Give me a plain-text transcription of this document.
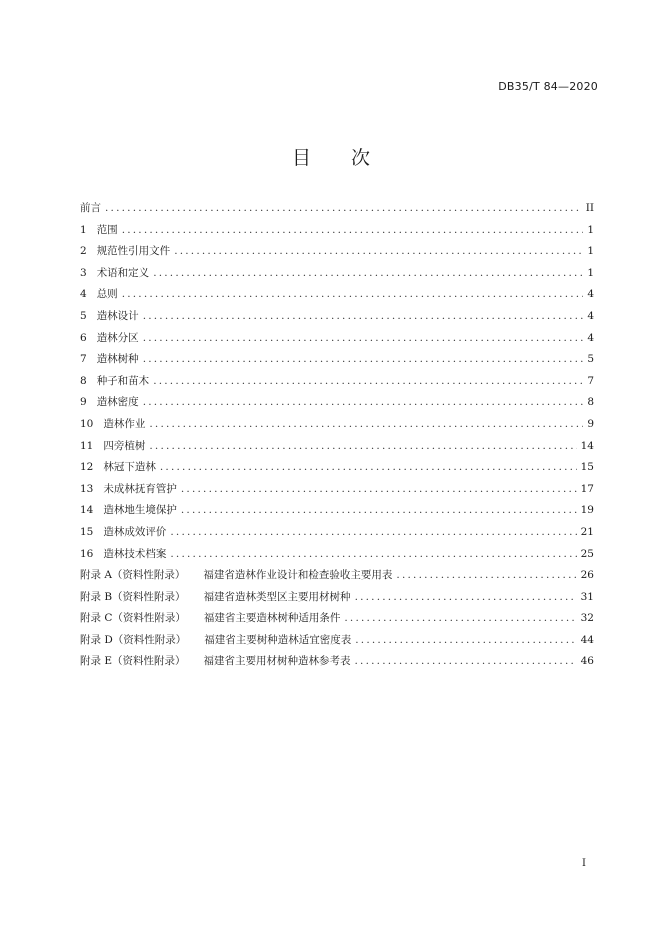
DB35/T 84—2020
目 次
前言 .....	II
1 范围 .....	1
2 规范性引用文件 .....	1
3 术语和定义 .....	1
4 总则 .....	4
5 造林设计 .....	4
6 造林分区 .....	4
7 造林树种 .....	5
8 种子和苗木 .....	7
9 造林密度 .....	8
10 造林作业 .....	9
11 四旁植树 .....	14
12 林冠下造林 .....	15
13 未成林抚育管护 .....	17
14 造林地生境保护 .....	19
15 造林成效评价 .....	21
16 造林技术档案 .....	25
附录 A（资料性附录） 福建省造林作业设计和检查验收主要用表 .....	26
附录 B（资料性附录） 福建省造林类型区主要用材树种 .....	31
附录 C（资料性附录） 福建省主要造林树种适用条件 .....	32
附录 D（资料性附录） 福建省主要树种造林适宜密度表 .....	44
附录 E（资料性附录） 福建省主要用材树种造林参考表 .....	46
I
